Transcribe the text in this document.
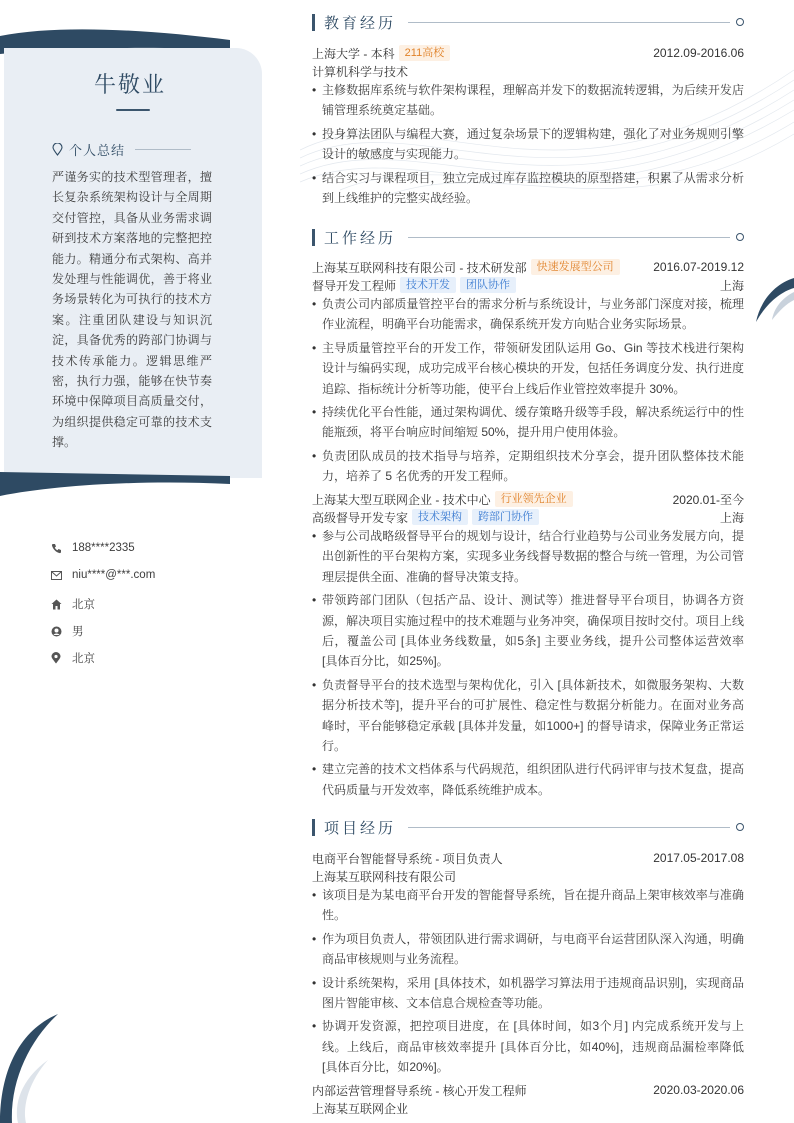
牛敬业
个人总结
严谨务实的技术型管理者，擅长复杂系统架构设计与全周期交付管控，具备从业务需求调研到技术方案落地的完整把控能力。精通分布式架构、高并发处理与性能调优，善于将业务场景转化为可执行的技术方案。注重团队建设与知识沉淀，具备优秀的跨部门协调与技术传承能力。逻辑思维严密，执行力强，能够在快节奏环境中保障项目高质量交付，为组织提供稳定可靠的技术支撑。
188****2335
niu****@***.com
北京
男
北京
教育经历
上海大学 - 本科 211高校	2012.09-2016.06
计算机科学与技术
• 主修数据库系统与软件架构课程，理解高并发下的数据流转逻辑，为后续开发店铺管理系统奠定基础。
• 投身算法团队与编程大赛，通过复杂场景下的逻辑构建，强化了对业务规则引擎设计的敏感度与实现能力。
• 结合实习与课程项目，独立完成过库存监控模块的原型搭建，积累了从需求分析到上线维护的完整实战经验。
工作经历
上海某互联网科技有限公司 - 技术研发部 快速发展型公司	2016.07-2019.12
督导开发工程师 技术开发	团队协作	上海
• 负责公司内部质量管控平台的需求分析与系统设计，与业务部门深度对接，梳理作业流程，明确平台功能需求，确保系统开发方向贴合业务实际场景。
• 主导质量管控平台的开发工作，带领研发团队运用 Go、Gin 等技术栈进行架构设计与编码实现，成功完成平台核心模块的开发，包括任务调度分发、执行进度追踪、指标统计分析等功能，使平台上线后作业管控效率提升 30%。
• 持续优化平台性能，通过架构调优、缓存策略升级等手段，解决系统运行中的性能瓶颈，将平台响应时间缩短 50%，提升用户使用体验。
• 负责团队成员的技术指导与培养，定期组织技术分享会，提升团队整体技术能力，培养了 5 名优秀的开发工程师。
上海某大型互联网企业 - 技术中心 行业领先企业	2020.01-至今
高级督导开发专家 技术架构	跨部门协作	上海
• 参与公司战略级督导平台的规划与设计，结合行业趋势与公司业务发展方向，提出创新性的平台架构方案，实现多业务线督导数据的整合与统一管理，为公司管理层提供全面、准确的督导决策支持。
• 带领跨部门团队（包括产品、设计、测试等）推进督导平台项目，协调各方资源，解决项目实施过程中的技术难题与业务冲突，确保项目按时交付。项目上线后，覆盖公司 [具体业务线数量，如5条] 主要业务线，提升公司整体运营效率 [具体百分比，如25%]。
• 负责督导平台的技术选型与架构优化，引入 [具体新技术，如微服务架构、大数据分析技术等]，提升平台的可扩展性、稳定性与数据分析能力。在面对业务高峰时，平台能够稳定承载 [具体并发量，如1000+] 的督导请求，保障业务正常运行。
• 建立完善的技术文档体系与代码规范，组织团队进行代码评审与技术复盘，提高代码质量与开发效率，降低系统维护成本。
项目经历
电商平台智能督导系统 - 项目负责人	2017.05-2017.08
上海某互联网科技有限公司
• 该项目是为某电商平台开发的智能督导系统，旨在提升商品上架审核效率与准确性。
• 作为项目负责人，带领团队进行需求调研，与电商平台运营团队深入沟通，明确商品审核规则与业务流程。
• 设计系统架构，采用 [具体技术，如机器学习算法用于违规商品识别]，实现商品图片智能审核、文本信息合规检查等功能。
• 协调开发资源，把控项目进度，在 [具体时间，如3个月] 内完成系统开发与上线。上线后，商品审核效率提升 [具体百分比，如40%]，违规商品漏检率降低 [具体百分比，如20%]。
内部运营管理督导系统 - 核心开发工程师	2020.03-2020.06
上海某互联网企业
